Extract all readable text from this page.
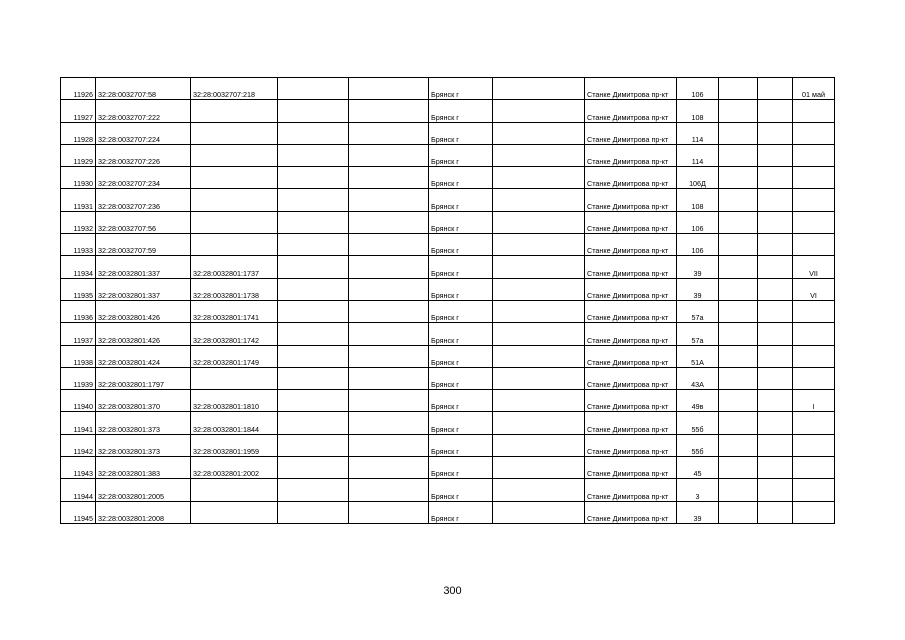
11926	32:28:0032707:58	32:28:0032707:218			Брянск г		Станке Димитрова пр-кт	106			01 май
11927	32:28:0032707:222				Брянск г		Станке Димитрова пр-кт	108			
11928	32:28:0032707:224				Брянск г		Станке Димитрова пр-кт	114			
11929	32:28:0032707:226				Брянск г		Станке Димитрова пр-кт	114			
11930	32:28:0032707:234				Брянск г		Станке Димитрова пр-кт	106Д			
11931	32:28:0032707:236				Брянск г		Станке Димитрова пр-кт	108			
11932	32:28:0032707:56				Брянск г		Станке Димитрова пр-кт	106			
11933	32:28:0032707:59				Брянск г		Станке Димитрова пр-кт	106			
11934	32:28:0032801:337	32:28:0032801:1737			Брянск г		Станке Димитрова пр-кт	39			VII
11935	32:28:0032801:337	32:28:0032801:1738			Брянск г		Станке Димитрова пр-кт	39			VI
11936	32:28:0032801:426	32:28:0032801:1741			Брянск г		Станке Димитрова пр-кт	57а			
11937	32:28:0032801:426	32:28:0032801:1742			Брянск г		Станке Димитрова пр-кт	57а			
11938	32:28:0032801:424	32:28:0032801:1749			Брянск г		Станке Димитрова пр-кт	51А			
11939	32:28:0032801:1797				Брянск г		Станке Димитрова пр-кт	43А			
11940	32:28:0032801:370	32:28:0032801:1810			Брянск г		Станке Димитрова пр-кт	49в			I
11941	32:28:0032801:373	32:28:0032801:1844			Брянск г		Станке Димитрова пр-кт	55б			
11942	32:28:0032801:373	32:28:0032801:1959			Брянск г		Станке Димитрова пр-кт	55б			
11943	32:28:0032801:383	32:28:0032801:2002			Брянск г		Станке Димитрова пр-кт	45			
11944	32:28:0032801:2005				Брянск г		Станке Димитрова пр-кт	3			
11945	32:28:0032801:2008				Брянск г		Станке Димитрова пр-кт	39			
300
